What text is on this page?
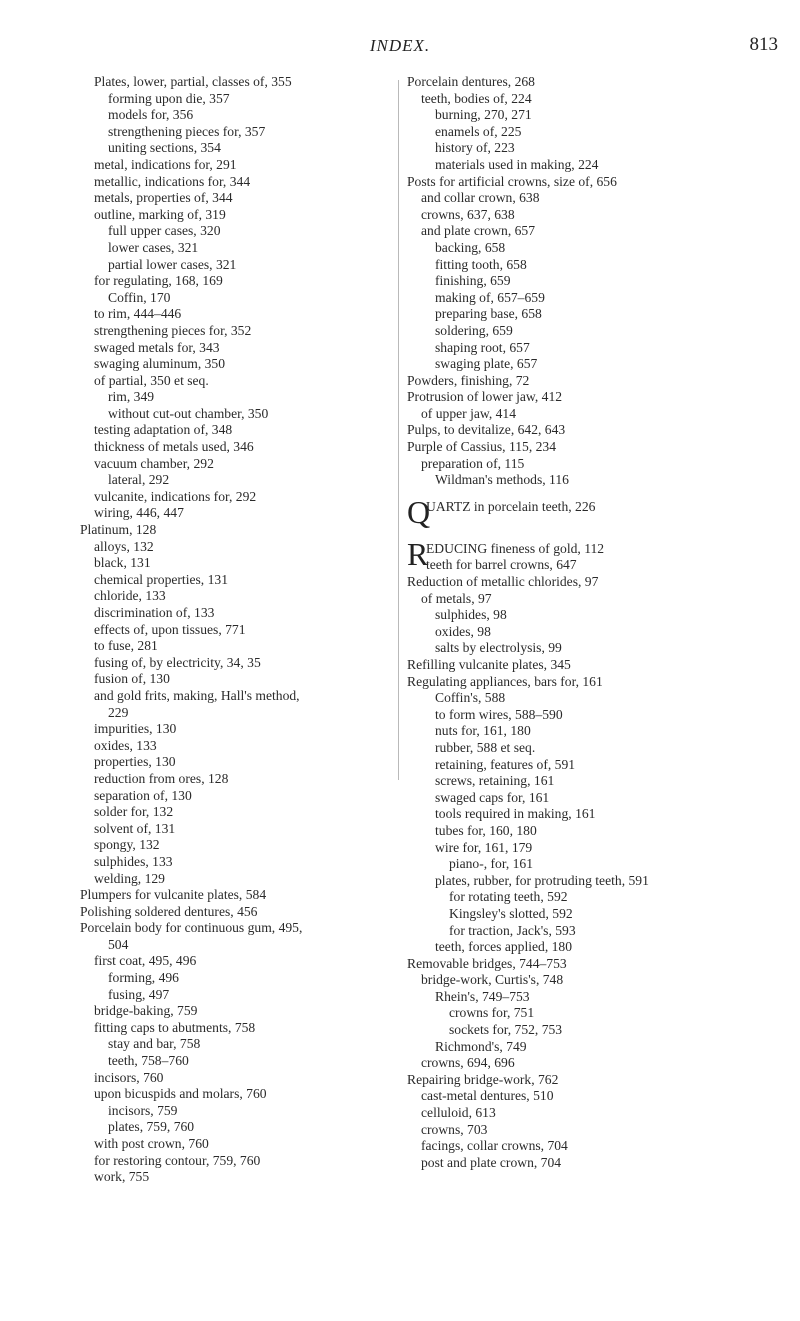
INDEX.	813
Plates, lower, partial, classes of, 355
forming upon die, 357
models for, 356
strengthening pieces for, 357
uniting sections, 354
metal, indications for, 291
metallic, indications for, 344
metals, properties of, 344
outline, marking of, 319
full upper cases, 320
lower cases, 321
partial lower cases, 321
for regulating, 168, 169
Coffin, 170
to rim, 444–446
strengthening pieces for, 352
swaged metals for, 343
swaging aluminum, 350
of partial, 350 et seq.
rim, 349
without cut-out chamber, 350
testing adaptation of, 348
thickness of metals used, 346
vacuum chamber, 292
lateral, 292
vulcanite, indications for, 292
wiring, 446, 447
Platinum, 128
alloys, 132
black, 131
chemical properties, 131
chloride, 133
discrimination of, 133
effects of, upon tissues, 771
to fuse, 281
fusing of, by electricity, 34, 35
fusion of, 130
and gold frits, making, Hall's method,
229
impurities, 130
oxides, 133
properties, 130
reduction from ores, 128
separation of, 130
solder for, 132
solvent of, 131
spongy, 132
sulphides, 133
welding, 129
Plumpers for vulcanite plates, 584
Polishing soldered dentures, 456
Porcelain body for continuous gum, 495,
504
first coat, 495, 496
forming, 496
fusing, 497
bridge-baking, 759
fitting caps to abutments, 758
stay and bar, 758
teeth, 758–760
incisors, 760
upon bicuspids and molars, 760
incisors, 759
plates, 759, 760
with post crown, 760
for restoring contour, 759, 760
work, 755
Porcelain dentures, 268
teeth, bodies of, 224
burning, 270, 271
enamels of, 225
history of, 223
materials used in making, 224
Posts for artificial crowns, size of, 656
and collar crown, 638
crowns, 637, 638
and plate crown, 657
backing, 658
fitting tooth, 658
finishing, 659
making of, 657–659
preparing base, 658
soldering, 659
shaping root, 657
swaging plate, 657
Powders, finishing, 72
Protrusion of lower jaw, 412
of upper jaw, 414
Pulps, to devitalize, 642, 643
Purple of Cassius, 115, 234
preparation of, 115
Wildman's methods, 116
Q
UARTZ in porcelain teeth, 226
R
EDUCING fineness of gold, 112
teeth for barrel crowns, 647
Reduction of metallic chlorides, 97
of metals, 97
sulphides, 98
oxides, 98
salts by electrolysis, 99
Refilling vulcanite plates, 345
Regulating appliances, bars for, 161
Coffin's, 588
to form wires, 588–590
nuts for, 161, 180
rubber, 588 et seq.
retaining, features of, 591
screws, retaining, 161
swaged caps for, 161
tools required in making, 161
tubes for, 160, 180
wire for, 161, 179
piano-, for, 161
plates, rubber, for protruding teeth, 591
for rotating teeth, 592
Kingsley's slotted, 592
for traction, Jack's, 593
teeth, forces applied, 180
Removable bridges, 744–753
bridge-work, Curtis's, 748
Rhein's, 749–753
crowns for, 751
sockets for, 752, 753
Richmond's, 749
crowns, 694, 696
Repairing bridge-work, 762
cast-metal dentures, 510
celluloid, 613
crowns, 703
facings, collar crowns, 704
post and plate crown, 704
